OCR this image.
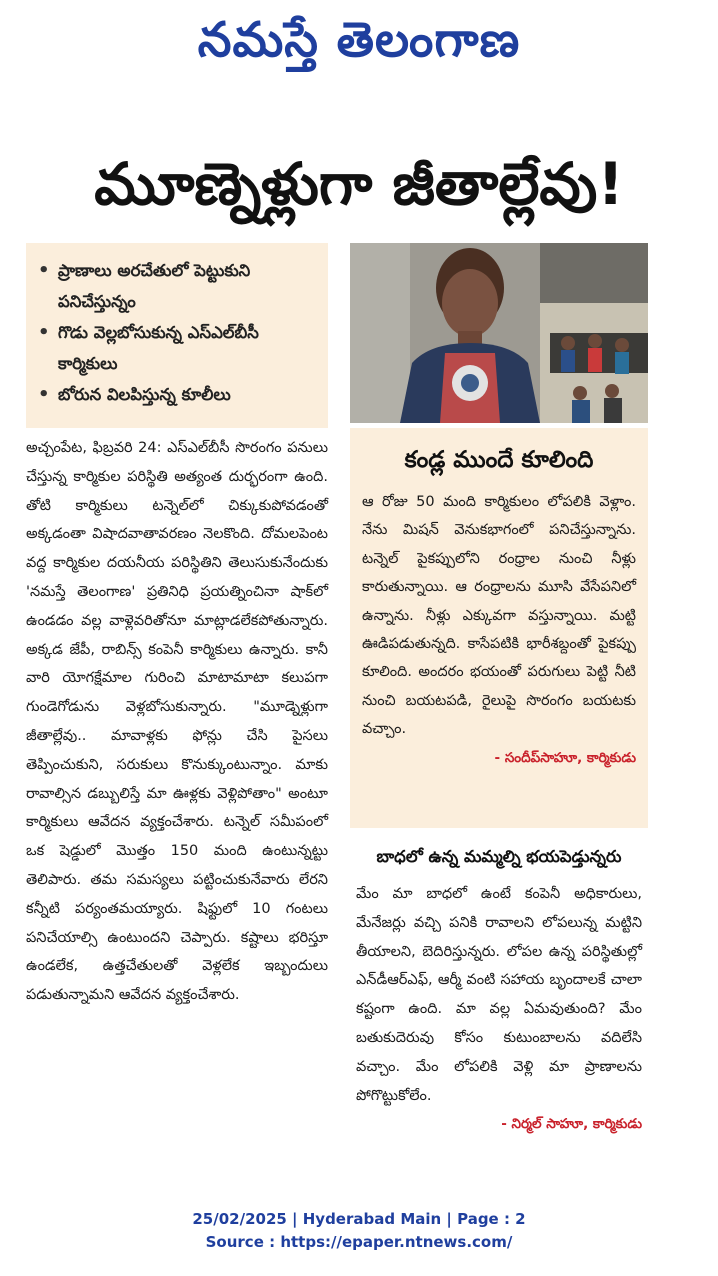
నమస్తే తెలంగాణ
మూణ్నెళ్లుగా జీతాల్లేవు!
• ప్రాణాలు అరచేతులో పెట్టుకుని పనిచేస్తున్నం
• గొడు వెల్లబోసుకున్న ఎస్ఎల్‌బీసీ కార్మికులు
• బోరున విలపిస్తున్న కూలీలు
కండ్ల ముందే కూలింది

ఆ రోజు 50 మంది కార్మికులం లోపలికి వెళ్లాం. నేను మిషన్ వెనుకభాగంలో పనిచేస్తున్నాను. టన్నెల్ పైకప్పులోని రంధ్రాల నుంచి నీళ్లు కారుతున్నాయి. ఆ రంధ్రాలను మూసి వేసేపనిలో ఉన్నాను. నీళ్లు ఎక్కువగా వస్తున్నాయి. మట్టి ఊడిపడుతున్నది. కాసేపటికి భారీశబ్దంతో పైకప్పు కూలింది. అందరం భయంతో పరుగులు పెట్టి నీటి నుంచి బయటపడి, రైలుపై సొరంగం బయటకు వచ్చాం.

- సందీప్‌సాహూ, కార్మికుడు

అచ్చంపేట, ఫిబ్రవరి 24: ఎస్ఎల్‌బీసీ సొరంగం పనులు చేస్తున్న కార్మికుల పరిస్థితి అత్యంత దుర్భరంగా ఉంది. తోటి కార్మికులు టన్నెల్‌లో చిక్కుకుపోవడంతో అక్కడంతా విషాదవాతావరణం నెలకొంది. దోమలపెంట వద్ద కార్మికుల దయనీయ పరిస్థితిని తెలుసుకునేందుకు 'నమస్తే తెలంగాణ' ప్రతినిధి ప్రయత్నించినా షాక్‌లో ఉండడం వల్ల వాళ్లెవరితోనూ మాట్లాడలేకపోతున్నారు. అక్కడ జేపీ, రాబిన్స్ కంపెనీ కార్మికులు ఉన్నారు. కానీ వారి యోగక్షేమాల గురించి మాటామాటా కలుపగా గుండెగోడును వెళ్లబోసుకున్నారు. "మూడ్నెళ్లుగా జీతాల్లేవు.. మావాళ్లకు ఫోన్లు చేసి పైసలు తెప్పించుకుని, సరుకులు కొనుక్కుంటున్నాం. మాకు రావాల్సిన డబ్బులిస్తే మా ఊళ్లకు వెళ్లిపోతాం" అంటూ కార్మికులు ఆవేదన వ్యక్తంచేశారు. టన్నెల్ సమీపంలో ఒక షెడ్డులో మొత్తం 150 మంది ఉంటున్నట్టు తెలిపారు. తమ సమస్యలు పట్టించుకునేవారు లేరని కన్నీటి పర్యంతమయ్యారు. షిఫ్టులో 10 గంటలు పనిచేయాల్సి ఉంటుందని చెప్పారు. కష్టాలు భరిస్తూ ఉండలేక, ఉత్తచేతులతో వెళ్లలేక ఇబ్బందులు పడుతున్నామని ఆవేదన వ్యక్తంచేశారు.

బాధలో ఉన్న మమ్మల్ని భయపెడ్తున్నరు

మేం మా బాధలో ఉంటే కంపెనీ అధికారులు, మేనేజర్లు వచ్చి పనికి రావాలని లోపలున్న మట్టిని తీయాలని, బెదిరిస్తున్నరు. లోపల ఉన్న పరిస్థితుల్లో ఎన్‌డీఆర్ఎఫ్, ఆర్మీ వంటి సహాయ బృందాలకే చాలా కష్టంగా ఉంది. మా వల్ల ఏమవుతుంది? మేం బతుకుదెరువు కోసం కుటుంబాలను వదిలేసి వచ్చాం. మేం లోపలికి వెళ్లి మా ప్రాణాలను పోగొట్టుకోలేం.

- నిర్మల్ సాహూ, కార్మికుడు
25/02/2025 | Hyderabad Main | Page : 2
Source : https://epaper.ntnews.com/
